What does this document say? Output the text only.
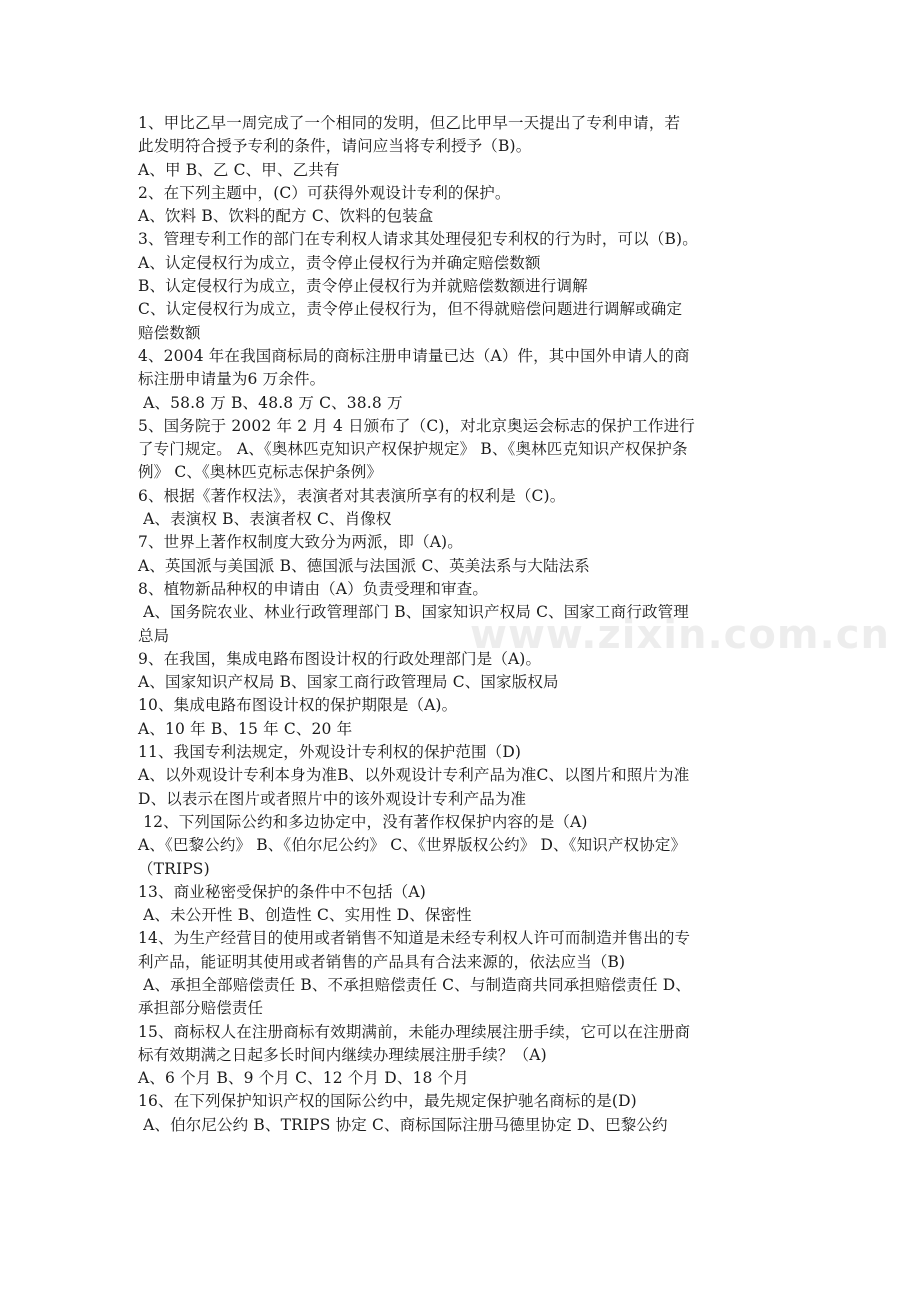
1、甲比乙早一周完成了一个相同的发明，但乙比甲早一天提出了专利申请，若
此发明符合授予专利的条件，请问应当将专利授予（B)。
A、甲 B、乙 C、甲、乙共有
2、在下列主题中，(C）可获得外观设计专利的保护。
A、饮料 B、饮料的配方 C、饮料的包装盒
3、管理专利工作的部门在专利权人请求其处理侵犯专利权的行为时，可以（B)。
A、认定侵权行为成立，责令停止侵权行为并确定赔偿数额
B、认定侵权行为成立，责令停止侵权行为并就赔偿数额进行调解
C、认定侵权行为成立，责令停止侵权行为，但不得就赔偿问题进行调解或确定
赔偿数额
4、2004 年在我国商标局的商标注册申请量已达（A）件，其中国外申请人的商
标注册申请量为6 万余件。
A、58.8 万 B、48.8 万 C、38.8 万
5、国务院于 2002 年 2 月 4 日颁布了（C)，对北京奥运会标志的保护工作进行
了专门规定。 A、《奥林匹克知识产权保护规定》 B、《奥林匹克知识产权保护条
例》 C、《奥林匹克标志保护条例》
6、根据《著作权法》，表演者对其表演所享有的权利是（C)。
A、表演权 B、表演者权 C、肖像权
7、世界上著作权制度大致分为两派，即（A)。
A、英国派与美国派 B、德国派与法国派 C、英美法系与大陆法系
8、植物新品种权的申请由（A）负责受理和审查。
A、国务院农业、林业行政管理部门 B、国家知识产权局 C、国家工商行政管理
总局
9、在我国，集成电路布图设计权的行政处理部门是（A)。
A、国家知识产权局 B、国家工商行政管理局 C、国家版权局
10、集成电路布图设计权的保护期限是（A)。
A、10 年 B、15 年 C、20 年
11、我国专利法规定，外观设计专利权的保护范围（D)
A、以外观设计专利本身为准B、以外观设计专利产品为准C、以图片和照片为准
D、以表示在图片或者照片中的该外观设计专利产品为准
12、下列国际公约和多边协定中，没有著作权保护内容的是（A)
A、《巴黎公约》 B、《伯尔尼公约》 C、《世界版权公约》 D、《知识产权协定》
（TRIPS)
13、商业秘密受保护的条件中不包括（A)
A、未公开性 B、创造性 C、实用性 D、保密性
14、为生产经营目的使用或者销售不知道是未经专利权人许可而制造并售出的专
利产品，能证明其使用或者销售的产品具有合法来源的，依法应当（B)
A、承担全部赔偿责任 B、不承担赔偿责任 C、与制造商共同承担赔偿责任 D、
承担部分赔偿责任
15、商标权人在注册商标有效期满前，未能办理续展注册手续，它可以在注册商
标有效期满之日起多长时间内继续办理续展注册手续？（A)
A、6 个月 B、9 个月 C、12 个月 D、18 个月
16、在下列保护知识产权的国际公约中，最先规定保护驰名商标的是(D)
A、伯尔尼公约 B、TRIPS 协定 C、商标国际注册马德里协定 D、巴黎公约
www.zixin.com.cn
